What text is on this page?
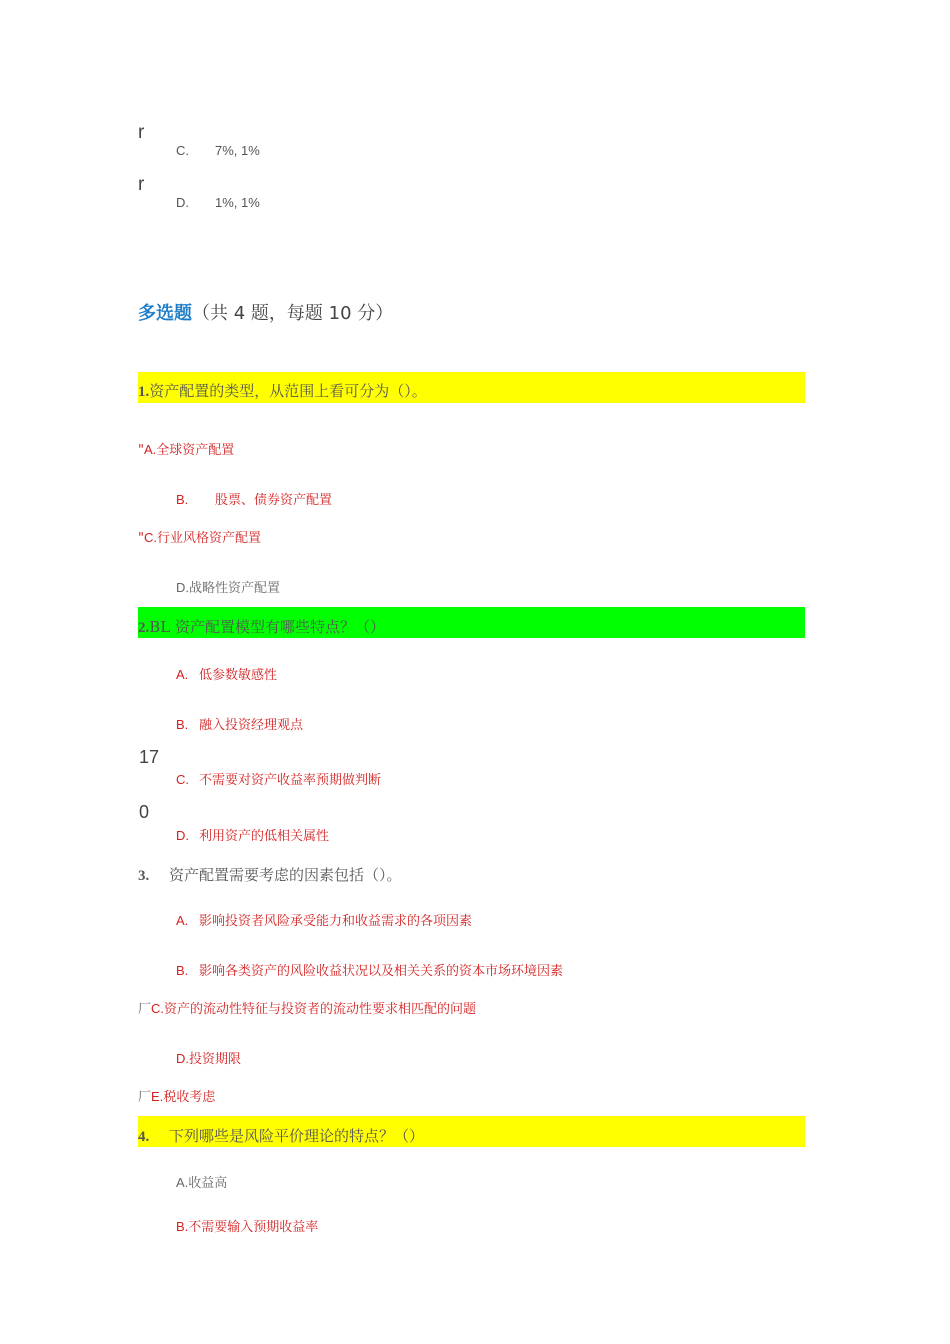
r
C. 7%, 1%
r
D. 1%, 1%
多选题（共 4 题，每题 10 分）
1.资产配置的类型，从范围上看可分为（）。
"A.全球资产配置
B. 股票、债券资产配置
"C.行业风格资产配置
D.战略性资产配置
2.BL 资产配置模型有哪些特点？（）
A. 低参数敏感性
B. 融入投资经理观点
17
C. 不需要对资产收益率预期做判断
0
D. 利用资产的低相关属性
3. 资产配置需要考虑的因素包括（）。
A. 影响投资者风险承受能力和收益需求的各项因素
B. 影响各类资产的风险收益状况以及相关关系的资本市场环境因素
厂C.资产的流动性特征与投资者的流动性要求相匹配的问题
D.投资期限
厂E.税收考虑
4. 下列哪些是风险平价理论的特点？（）
A.收益高
B.不需要输入预期收益率
